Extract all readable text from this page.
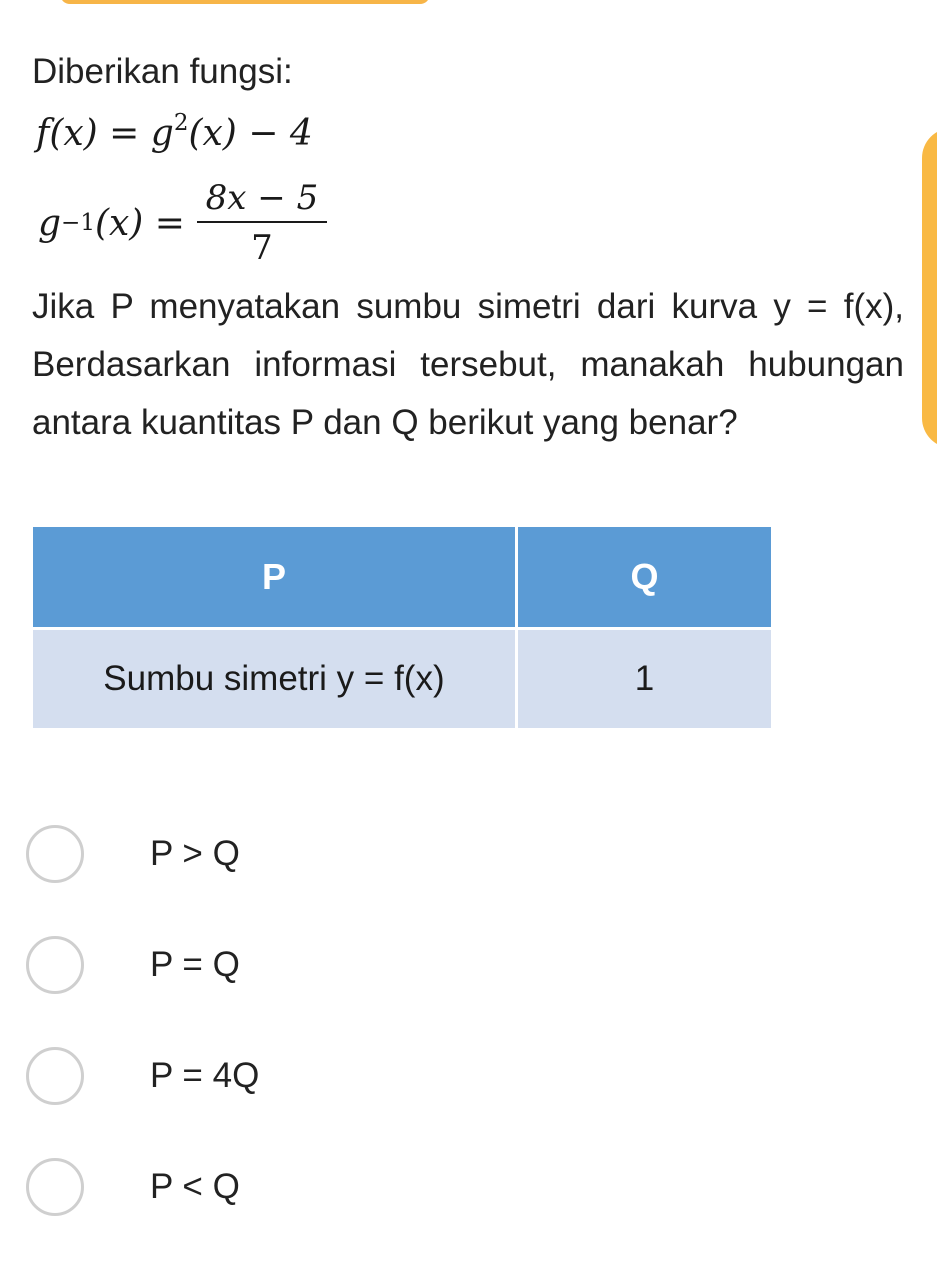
Diberikan fungsi:
$f(x) = g^2(x) - 4$
g −1 $(x) = \frac{8x - 5}{7}$
Jika P menyatakan sumbu simetri dari kurva y = f(x), Berdasarkan informasi tersebut, manakah hubungan antara kuantitas P dan Q berikut yang benar?
P	Q
Sumbu simetri y = f(x)	1
P > Q
P = Q
P = 4Q
P < Q
